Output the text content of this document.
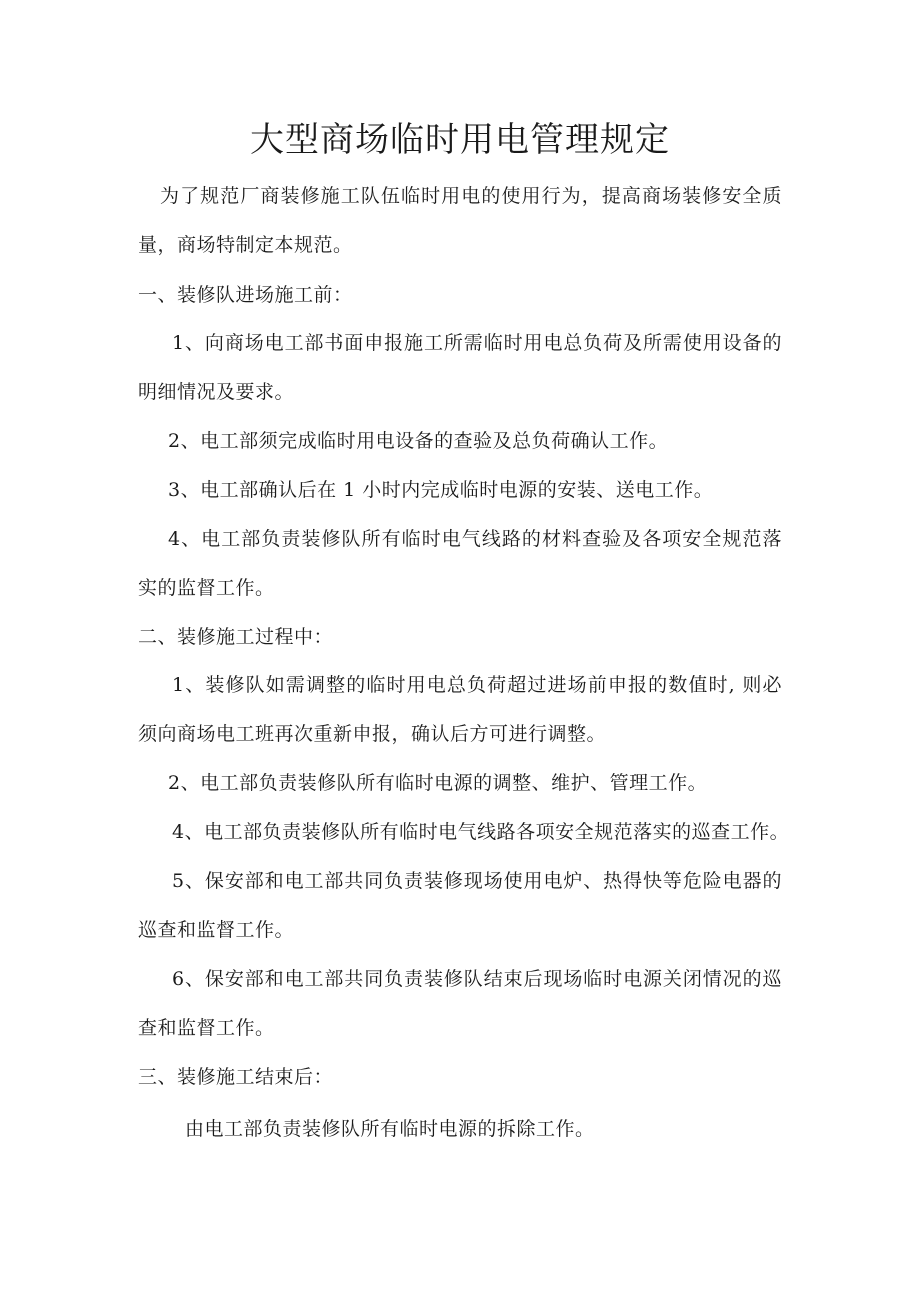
大型商场临时用电管理规定

为了规范厂商装修施工队伍临时用电的使用行为，提高商场装修安全质

量，商场特制定本规范。

一、装修队进场施工前：

1、向商场电工部书面申报施工所需临时用电总负荷及所需使用设备的

明细情况及要求。

2、电工部须完成临时用电设备的查验及总负荷确认工作。

3、电工部确认后在 1 小时内完成临时电源的安装、送电工作。

4、电工部负责装修队所有临时电气线路的材料查验及各项安全规范落

实的监督工作。

二、装修施工过程中：

1、装修队如需调整的临时用电总负荷超过进场前申报的数值时, 则必

须向商场电工班再次重新申报，确认后方可进行调整。

2、电工部负责装修队所有临时电源的调整、维护、管理工作。

4、电工部负责装修队所有临时电气线路各项安全规范落实的巡查工作。

5、保安部和电工部共同负责装修现场使用电炉、热得快等危险电器的

巡查和监督工作。

6、保安部和电工部共同负责装修队结束后现场临时电源关闭情况的巡

查和监督工作。

三、装修施工结束后：

由电工部负责装修队所有临时电源的拆除工作。
